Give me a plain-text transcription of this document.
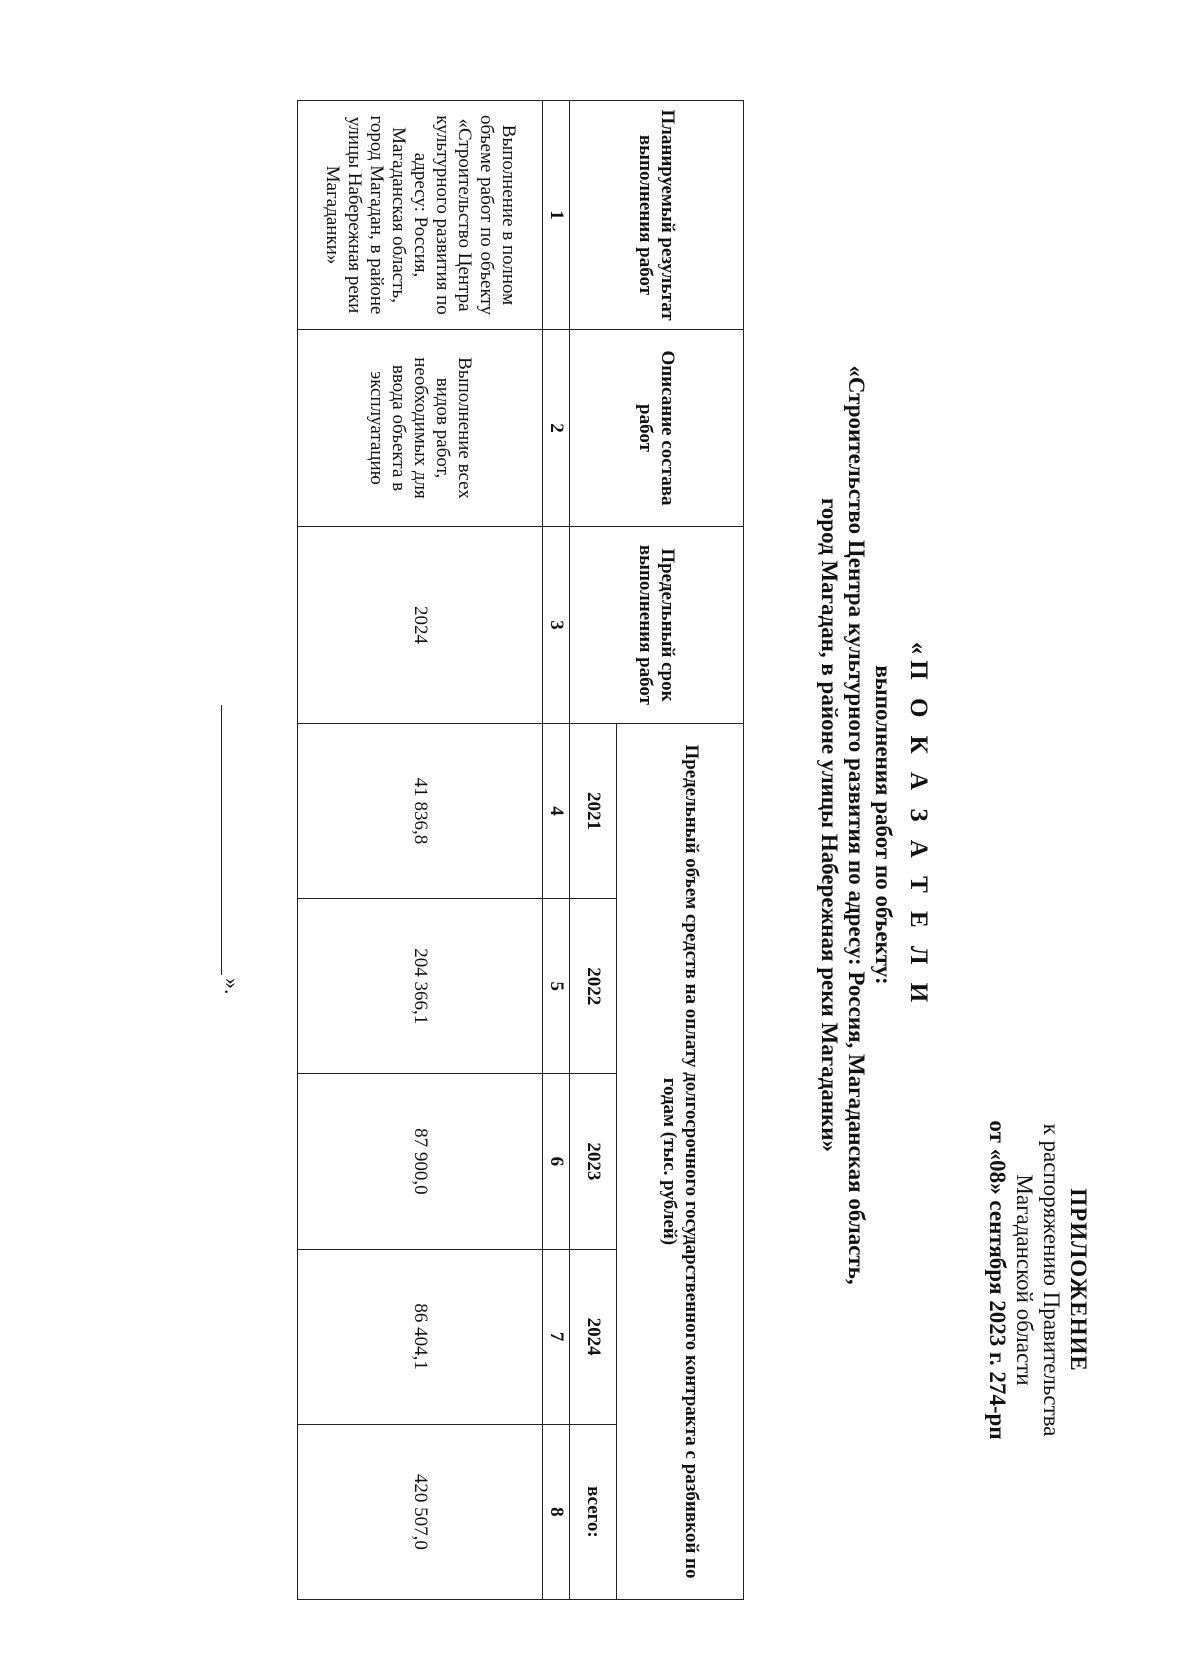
ПРИЛОЖЕНИЕ
к распоряжению Правительства
Магаданской области
от «08» сентября 2023 г. 274-рп
«П О К А З А Т Е Л И
выполнения работ по объекту:
«Строительство Центра культурного развития по адресу: Россия, Магаданская область,
город Магадан, в районе улицы Набережная реки Магаданки»
Планируемый результат выполнения работ	Описание состава работ	Предельный срок выполнения работ	Предельный объем средств на оплату долгосрочного государственного контракта с разбивкой по годам (тыс. рублей)				
			2021	2022	2023	2024	всего:
1	2	3	4	5	6	7	8
Выполнение в полном объеме работ по объекту «Строительство Центра культурного развития по адресу: Россия, Магаданская область, город Магадан, в районе улицы Набережная реки Магаданки»	Выполнение всех видов работ, необходимых для ввода объекта в эксплуатацию	2024	41 836,8	204 366,1	87 900,0	86 404,1	420 507,0
».
